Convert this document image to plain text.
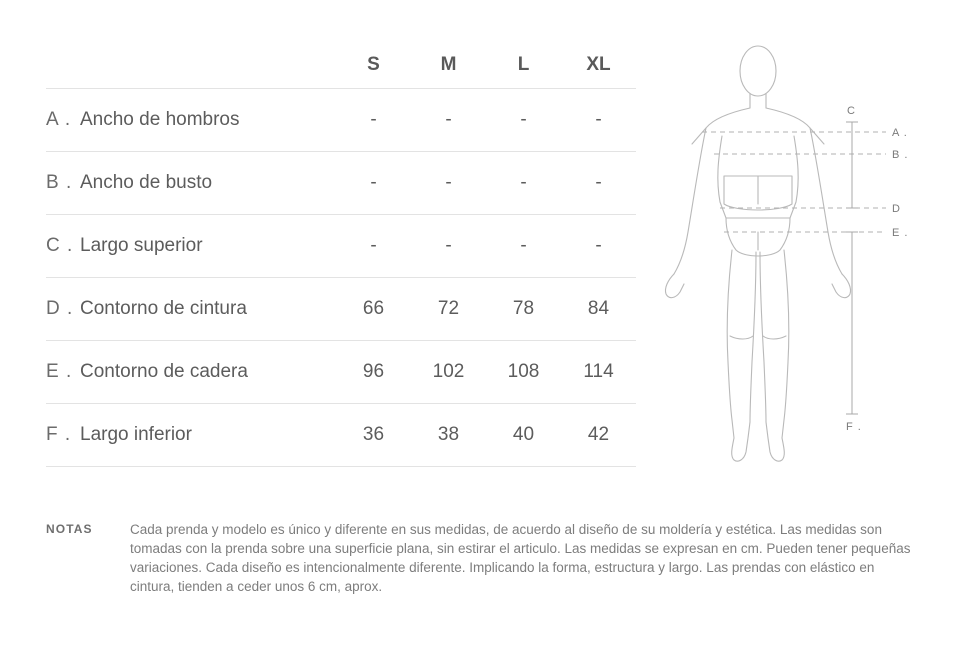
	S	M	L	XL
A . Ancho de hombros	-	-	-	-
B . Ancho de busto	-	-	-	-
C . Largo superior	-	-	-	-
D . Contorno de cintura	66	72	78	84
E . Contorno de cadera	96	102	108	114
F . Largo inferior	36	38	40	42
C
A .
B .
D
E .
F .
NOTAS	Cada prenda y modelo es único y diferente en sus medidas, de acuerdo al diseño de su moldería y estética. Las medidas son tomadas con la prenda sobre una superficie plana, sin estirar el articulo. Las medidas se expresan en cm. Pueden tener pequeñas variaciones. Cada diseño es intencionalmente diferente. Implicando la forma, estructura y largo. Las prendas con elástico en cintura, tienden a ceder unos 6 cm, aprox.
